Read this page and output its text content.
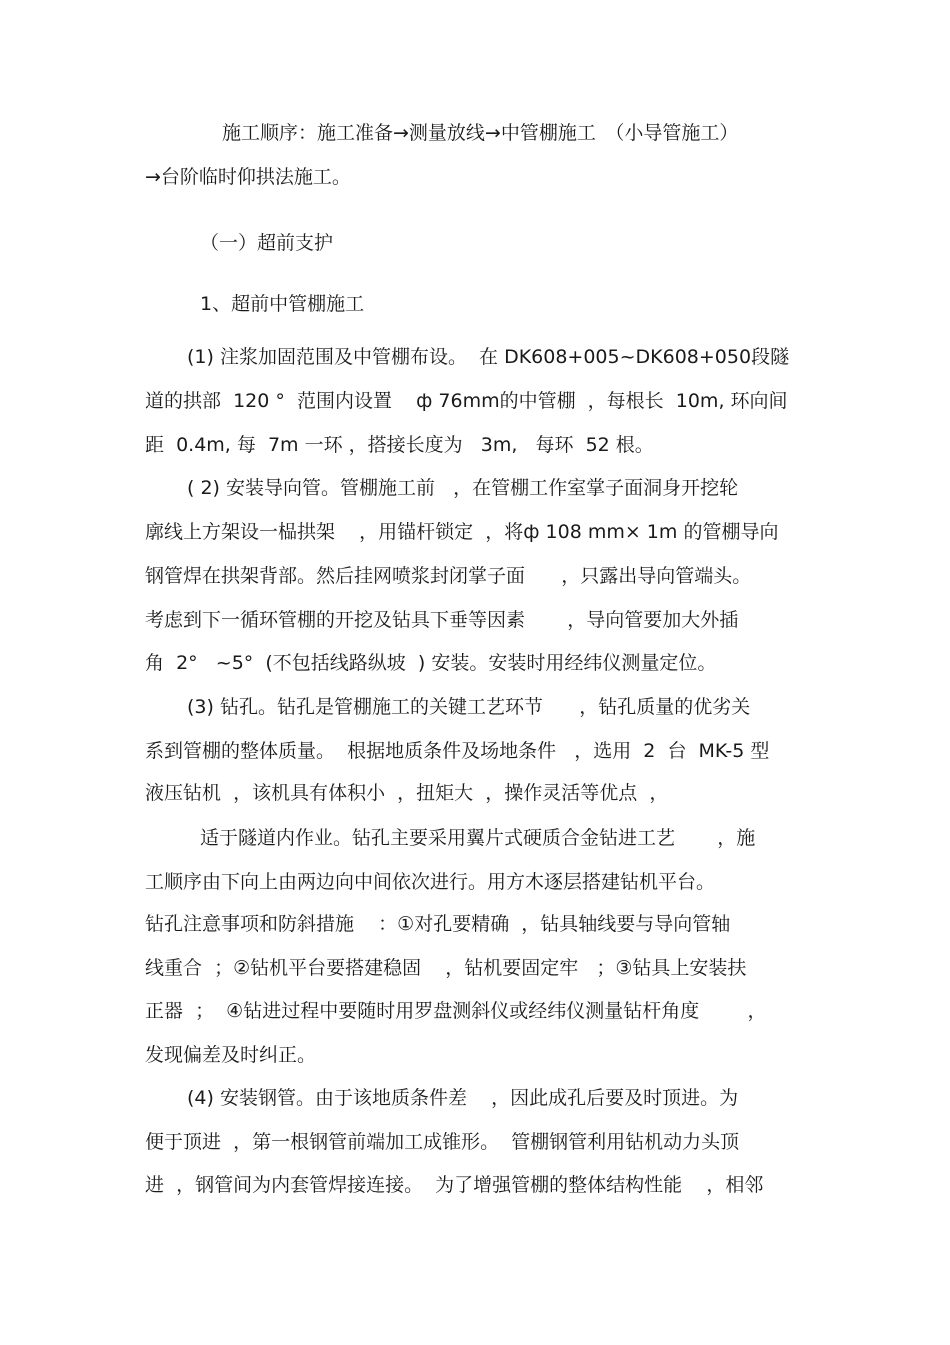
施工顺序：施工准备→测量放线→中管棚施工　（小导管施工）
→台阶临时仰拱法施工。
（一）超前支护
1、超前中管棚施工
(1) 注浆加固范围及中管棚布设。  在 DK608+005~DK608+050段隧
道的拱部  120 °  范围内设置    ф 76mm的中管棚  ，每根长  10m, 环向间
距  0.4m, 每  7m 一环 ，搭接长度为   3m,   每环  52 根。
( 2) 安装导向管。管棚施工前   ，在管棚工作室掌子面洞身开挖轮
廓线上方架设一榀拱架    ，用锚杆锁定  ，将ф 108 mm× 1m 的管棚导向
钢管焊在拱架背部。然后挂网喷浆封闭掌子面      ，只露出导向管端头。
考虑到下一循环管棚的开挖及钻具下垂等因素       ，导向管要加大外插
角  2°   ~5°  (不包括线路纵坡  ) 安装。安装时用经纬仪测量定位。
(3) 钻孔。钻孔是管棚施工的关键工艺环节      ，钻孔质量的优劣关
系到管棚的整体质量。  根据地质条件及场地条件   ，选用  2  台  MK-5 型
液压钻机  ，该机具有体积小  ，扭矩大  ，操作灵活等优点  ，
适于隧道内作业。钻孔主要采用翼片式硬质合金钻进工艺       ，施
工顺序由下向上由两边向中间依次进行。用方木逐层搭建钻机平台。
钻孔注意事项和防斜措施    ：①对孔要精确  ，钻具轴线要与导向管轴
线重合  ；②钻机平台要搭建稳固    ，钻机要固定牢   ；③钻具上安装扶
正器  ；  ④钻进过程中要随时用罗盘测斜仪或经纬仪测量钻杆角度        ，
发现偏差及时纠正。
(4) 安装钢管。由于该地质条件差    ，因此成孔后要及时顶进。为
便于顶进  ，第一根钢管前端加工成锥形。  管棚钢管利用钻机动力头顶
进  ，钢管间为内套管焊接连接。  为了增强管棚的整体结构性能    ，相邻
